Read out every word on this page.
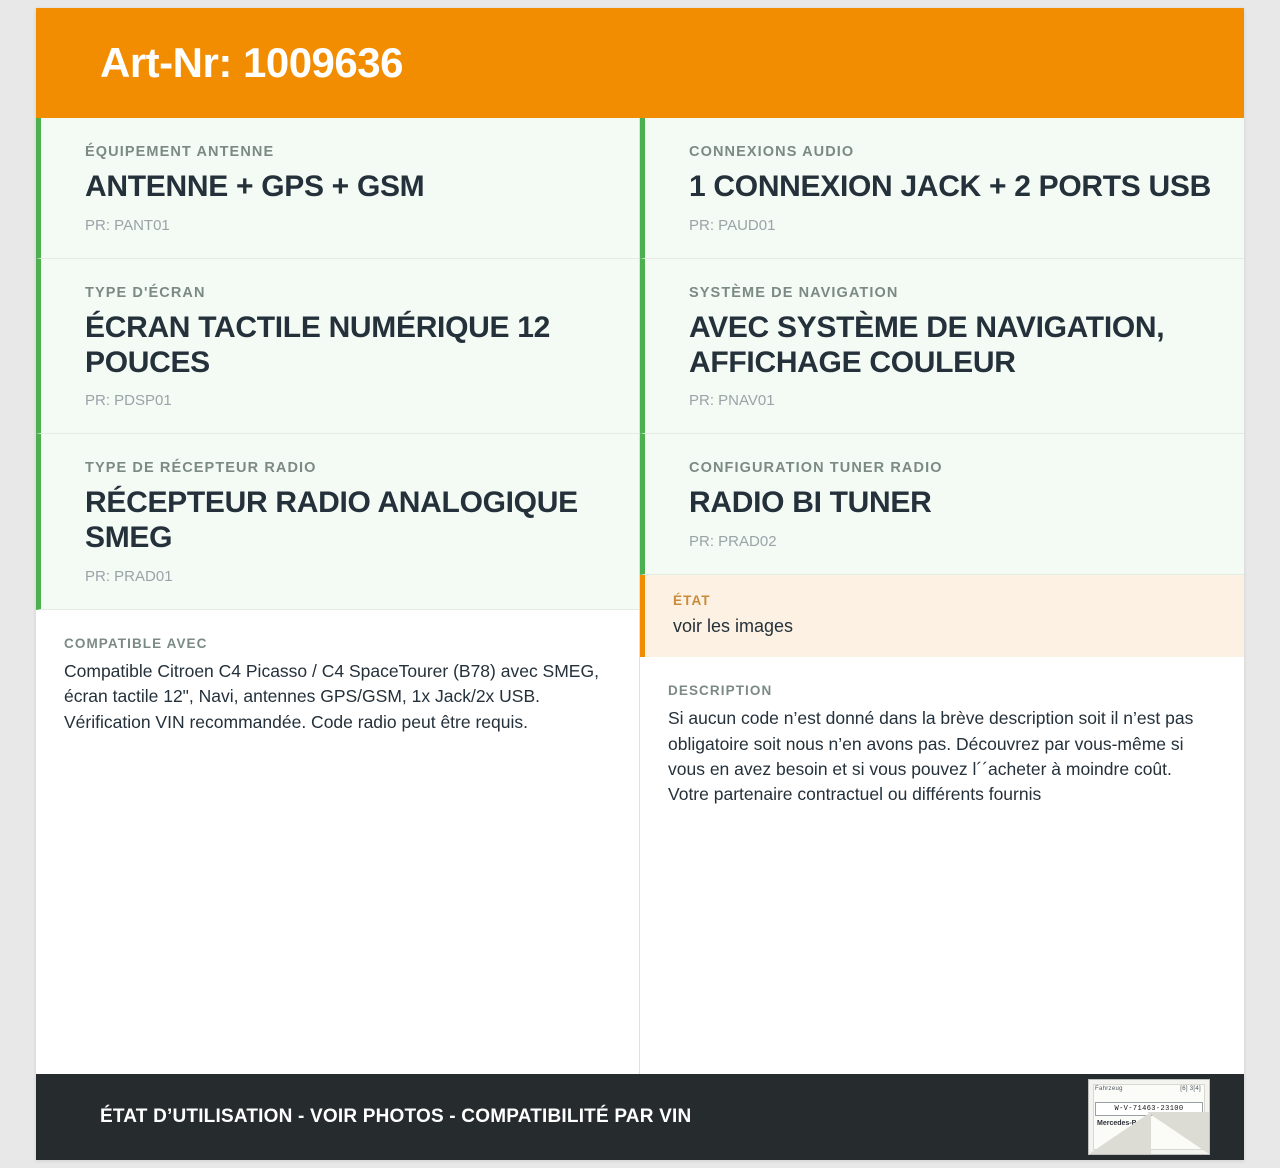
Art-Nr: 1009636
ÉQUIPEMENT ANTENNE
ANTENNE + GPS + GSM
PR: PANT01
TYPE D'ÉCRAN
ÉCRAN TACTILE NUMÉRIQUE 12 POUCES
PR: PDSP01
TYPE DE RÉCEPTEUR RADIO
RÉCEPTEUR RADIO ANALOGIQUE SMEG
PR: PRAD01
COMPATIBLE AVEC
Compatible Citroen C4 Picasso / C4 SpaceTourer (B78) avec SMEG, écran tactile 12", Navi, antennes GPS/GSM, 1x Jack/2x USB. Vérification VIN recommandée. Code radio peut être requis.
CONNEXIONS AUDIO
1 CONNEXION JACK + 2 PORTS USB
PR: PAUD01
SYSTÈME DE NAVIGATION
AVEC SYSTÈME DE NAVIGATION, AFFICHAGE COULEUR
PR: PNAV01
CONFIGURATION TUNER RADIO
RADIO BI TUNER
PR: PRAD02
ÉTAT
voir les images
DESCRIPTION
Si aucun code n’est donné dans la brève description soit il n’est pas obligatoire soit nous n’en avons pas. Découvrez par vous-même si vous en avez besoin et si vous pouvez l´´acheter à moindre coût. Votre partenaire contractuel ou différents fournis
ÉTAT D’UTILISATION - VOIR PHOTOS - COMPATIBILITÉ PAR VIN
Fahrzeug	[6] 3[4]
W-V-71463-23100
Mercedes-Benz
